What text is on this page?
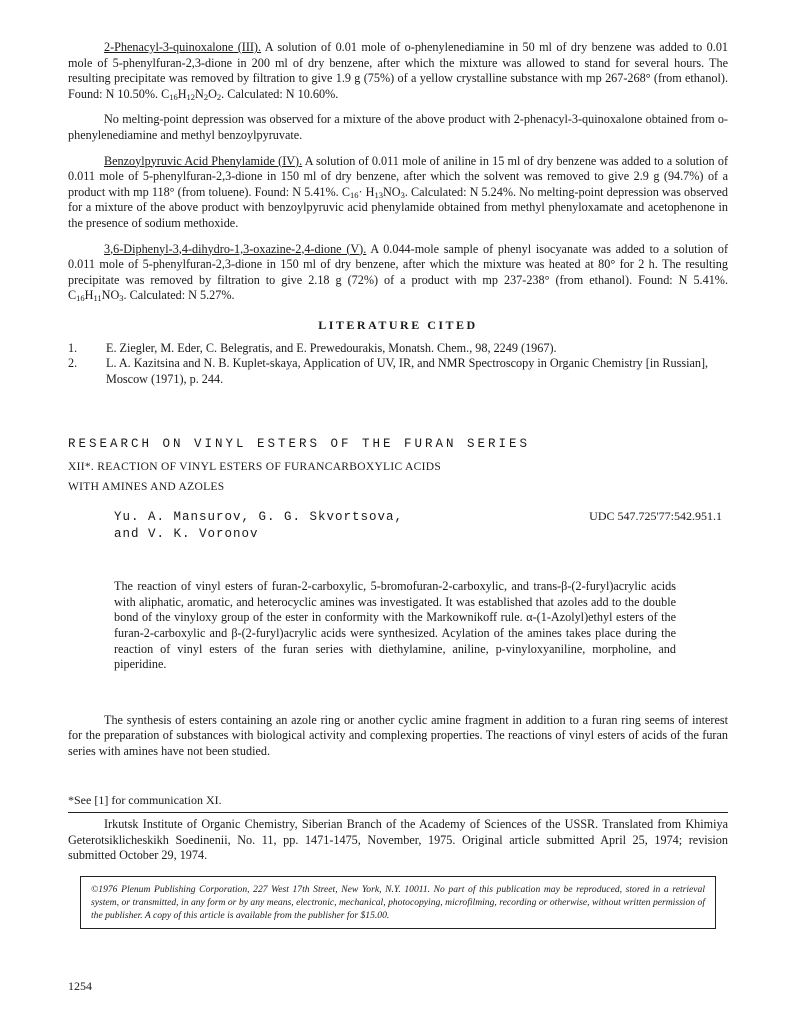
2-Phenacyl-3-quinoxalone (III). A solution of 0.01 mole of o-phenylenediamine in 50 ml of dry benzene was added to 0.01 mole of 5-phenylfuran-2,3-dione in 200 ml of dry benzene, after which the mixture was allowed to stand for several hours. The resulting precipitate was removed by filtration to give 1.9 g (75%) of a yellow crystalline substance with mp 267-268° (from ethanol). Found: N 10.50%. $C_{16}H_{12}N_2O_2$. Calculated: N 10.60%.

No melting-point depression was observed for a mixture of the above product with 2-phenacyl-3-quinoxalone obtained from o-phenylenediamine and methyl benzoylpyruvate.

Benzoylpyruvic Acid Phenylamide (IV). A solution of 0.011 mole of aniline in 15 ml of dry benzene was added to a solution of 0.011 mole of 5-phenylfuran-2,3-dione in 150 ml of dry benzene, after which the solvent was removed to give 2.9 g (94.7%) of a product with mp 118° (from toluene). Found: N 5.41%. $C_{16}\cdot H_{13}NO_3$. Calculated: N 5.24%. No melting-point depression was observed for a mixture of the above product with benzoylpyruvic acid phenylamide obtained from methyl phenyloxamate and acetophenone in the presence of sodium methoxide.

3,6-Diphenyl-3,4-dihydro-1,3-oxazine-2,4-dione (V). A 0.044-mole sample of phenyl isocyanate was added to a solution of 0.011 mole of 5-phenylfuran-2,3-dione in 150 ml of dry benzene, after which the mixture was heated at 80° for 2 h. The resulting precipitate was removed by filtration to give 2.18 g (72%) of a product with mp 237-238° (from ethanol). Found: N 5.41%. $C_{16}H_{11}NO_3$. Calculated: N 5.27%.

LITERATURE CITED
1.	E. Ziegler, M. Eder, C. Belegratis, and E. Prewedourakis, Monatsh. Chem., 98, 2249 (1967).
2.	L. A. Kazitsina and N. B. Kuplet-skaya, Application of UV, IR, and NMR Spectroscopy in Organic Chemistry [in Russian], Moscow (1971), p. 244.
RESEARCH ON VINYL ESTERS OF THE FURAN SERIES
XII*. REACTION OF VINYL ESTERS OF FURANCARBOXYLIC ACIDS
WITH AMINES AND AZOLES
Yu. A. Mansurov, G. G. Skvortsova,
and V. K. Voronov
UDC 547.725'77:542.951.1

The reaction of vinyl esters of furan-2-carboxylic, 5-bromofuran-2-carboxylic, and trans-β-(2-furyl)acrylic acids with aliphatic, aromatic, and heterocyclic amines was investigated. It was established that azoles add to the double bond of the vinyloxy group of the ester in conformity with the Markownikoff rule. α-(1-Azolyl)ethyl esters of the furan-2-carboxylic and β-(2-furyl)acrylic acids were synthesized. Acylation of the amines takes place during the reaction of vinyl esters of the furan series with diethylamine, aniline, p-vinyloxyaniline, morpholine, and piperidine.

The synthesis of esters containing an azole ring or another cyclic amine fragment in addition to a furan ring seems of interest for the preparation of substances with biological activity and complexing properties. The reactions of vinyl esters of acids of the furan series with amines have not been studied.

*See [1] for communication XI.

Irkutsk Institute of Organic Chemistry, Siberian Branch of the Academy of Sciences of the USSR. Translated from Khimiya Geterotsiklicheskikh Soedinenii, No. 11, pp. 1471-1475, November, 1975. Original article submitted April 25, 1974; revision submitted October 29, 1974.

©1976 Plenum Publishing Corporation, 227 West 17th Street, New York, N.Y. 10011. No part of this publication may be reproduced, stored in a retrieval system, or transmitted, in any form or by any means, electronic, mechanical, photocopying, microfilming, recording or otherwise, without written permission of the publisher. A copy of this article is available from the publisher for $15.00.
1254
